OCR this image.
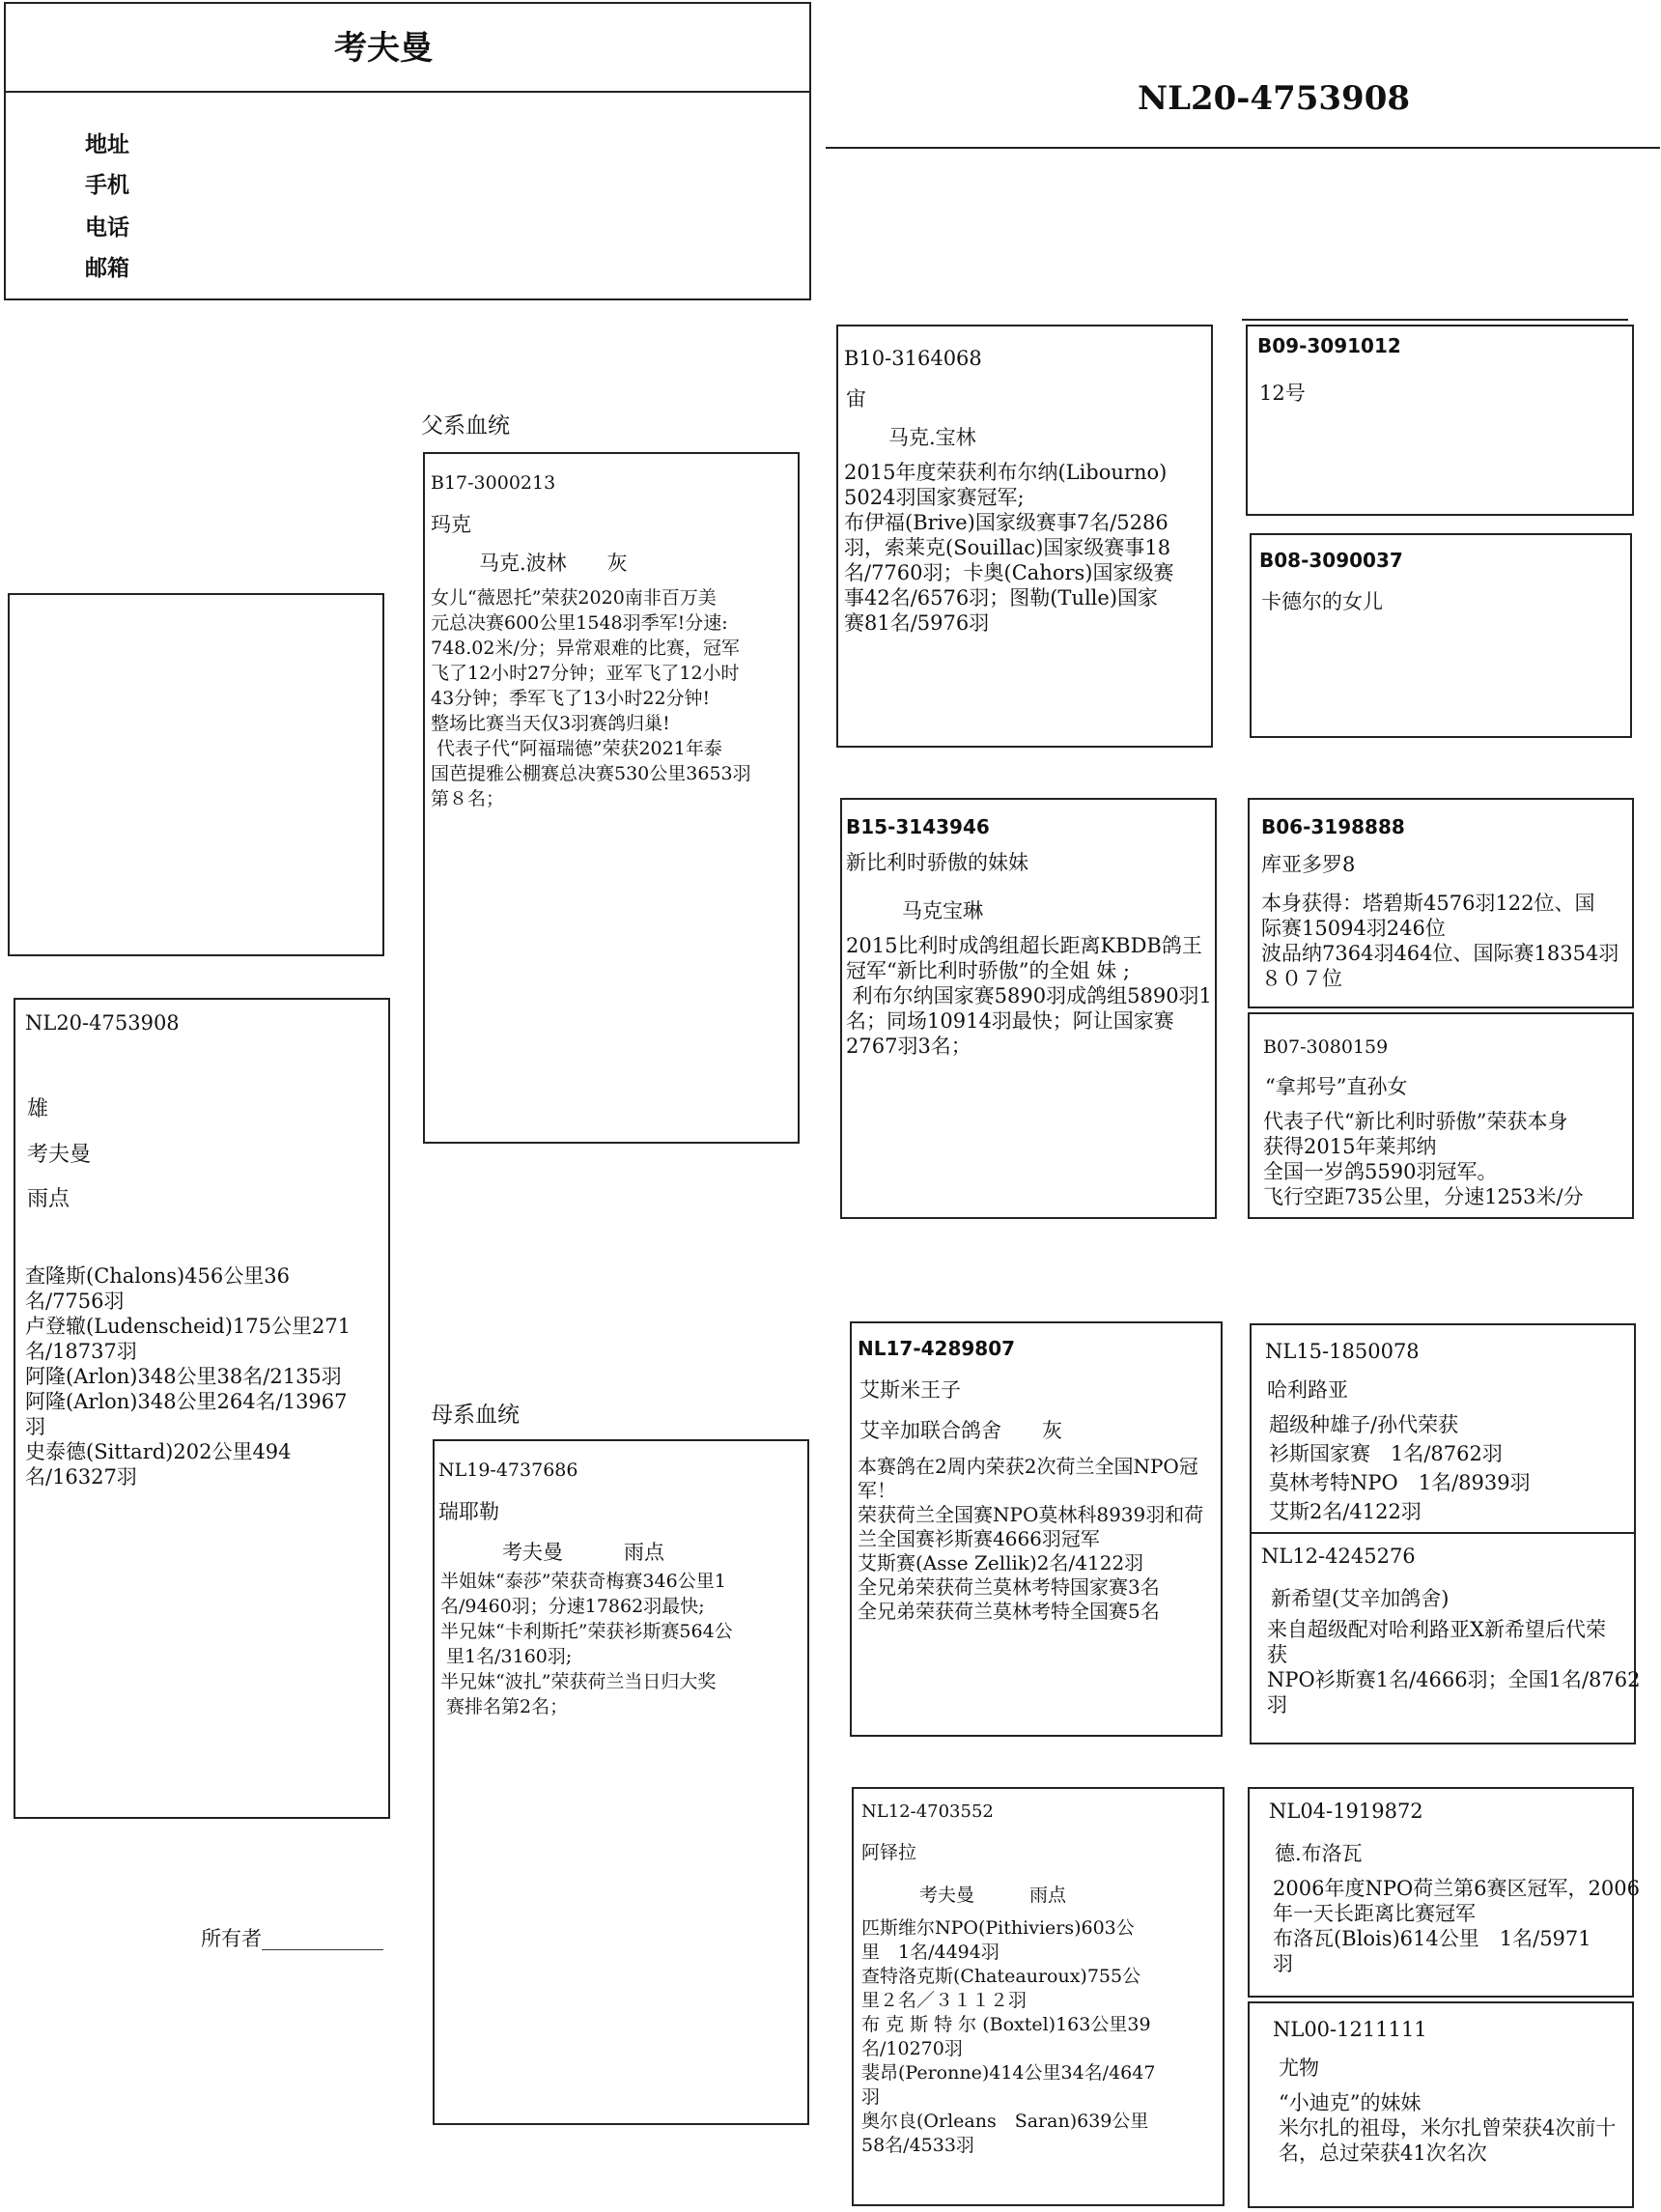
考夫曼
地址
手机
电话
邮箱
NL20-4753908
NL20-4753908
雄
考夫曼
雨点
查隆斯(Chalons)456公里36
名/7756羽
卢登辙(Ludenscheid)175公里271
名/18737羽
阿隆(Arlon)348公里38名/2135羽
阿隆(Arlon)348公里264名/13967
羽
史泰德(Sittard)202公里494
名/16327羽
所有者____________
父系血统
母系血统
B17-3000213
玛克
马克.波林　　灰
女儿“薇恩托”荣获2020南非百万美
元总决赛600公里1548羽季军!分速:
748.02米/分；异常艰难的比赛，冠军
飞了12小时27分钟；亚军飞了12小时
43分钟；季军飞了13小时22分钟!
整场比赛当天仅3羽赛鸽归巢!
代表子代“阿福瑞德”荣获2021年泰
国芭提雅公棚赛总决赛530公里3653羽
第８名；
NL19-4737686
瑞耶勒
考夫曼　　　雨点
半姐妹“泰莎”荣获奇梅赛346公里1
名/9460羽；分速17862羽最快;
半兄妹“卡利斯托”荣获衫斯赛564公
里1名/3160羽;
半兄妹“波扎”荣获荷兰当日归大奖
赛排名第2名；
B10-3164068
宙
马克.宝林
2015年度荣获利布尔纳(Libourno)
5024羽国家赛冠军;
布伊福(Brive)国家级赛事7名/5286
羽，索莱克(Souillac)国家级赛事18
名/7760羽；卡奥(Cahors)国家级赛
事42名/6576羽；图勒(Tulle)国家
赛81名/5976羽
B15-3143946
新比利时骄傲的妹妹
马克宝琳
2015比利时成鸽组超长距离KBDB鸽王
冠军“新比利时骄傲”的全姐 妹 ;
利布尔纳国家赛5890羽成鸽组5890羽1
名；同场10914羽最快；阿让国家赛
2767羽3名；
NL17-4289807
艾斯米王子
艾辛加联合鸽舍　　灰
本赛鸽在2周内荣获2次荷兰全国NPO冠
军！
荣获荷兰全国赛NPO莫林科8939羽和荷
兰全国赛衫斯赛4666羽冠军
艾斯赛(Asse Zellik)2名/4122羽
全兄弟荣获荷兰莫林考特国家赛3名
全兄弟荣获荷兰莫林考特全国赛5名
NL12-4703552
阿铎拉
考夫曼　　　雨点
匹斯维尔NPO(Pithiviers)603公
里　1名/4494羽
查特洛克斯(Chateauroux)755公
里２名／３１１２羽
布 克 斯 特 尔 (Boxtel)163公里39
名/10270羽
裴昂(Peronne)414公里34名/4647
羽
奥尔良(Orleans　Saran)639公里
58名/4533羽
B09-3091012
12号
B08-3090037
卡德尔的女儿
B06-3198888
库亚多罗8
本身获得：塔碧斯4576羽122位、国
际赛15094羽246位
波品纳7364羽464位、国际赛18354羽
８０７位
B07-3080159
“拿邦号”直孙女
代表子代“新比利时骄傲”荣获本身
获得2015年莱邦纳
全国一岁鸽5590羽冠军。
飞行空距735公里，分速1253米/分
NL15-1850078
哈利路亚
超级种雄子/孙代荣获
衫斯国家赛　1名/8762羽
莫林考特NPO　1名/8939羽
艾斯2名/4122羽
NL12-4245276
新希望(艾辛加鸽舍)
来自超级配对哈利路亚X新希望后代荣
获
NPO衫斯赛1名/4666羽；全国1名/8762
羽
NL04-1919872
德.布洛瓦
2006年度NPO荷兰第6赛区冠军，2006
年一天长距离比赛冠军
布洛瓦(Blois)614公里　1名/5971
羽
NL00-1211111
尤物
“小迪克”的妹妹
米尔扎的祖母，米尔扎曾荣获4次前十
名，总过荣获41次名次
